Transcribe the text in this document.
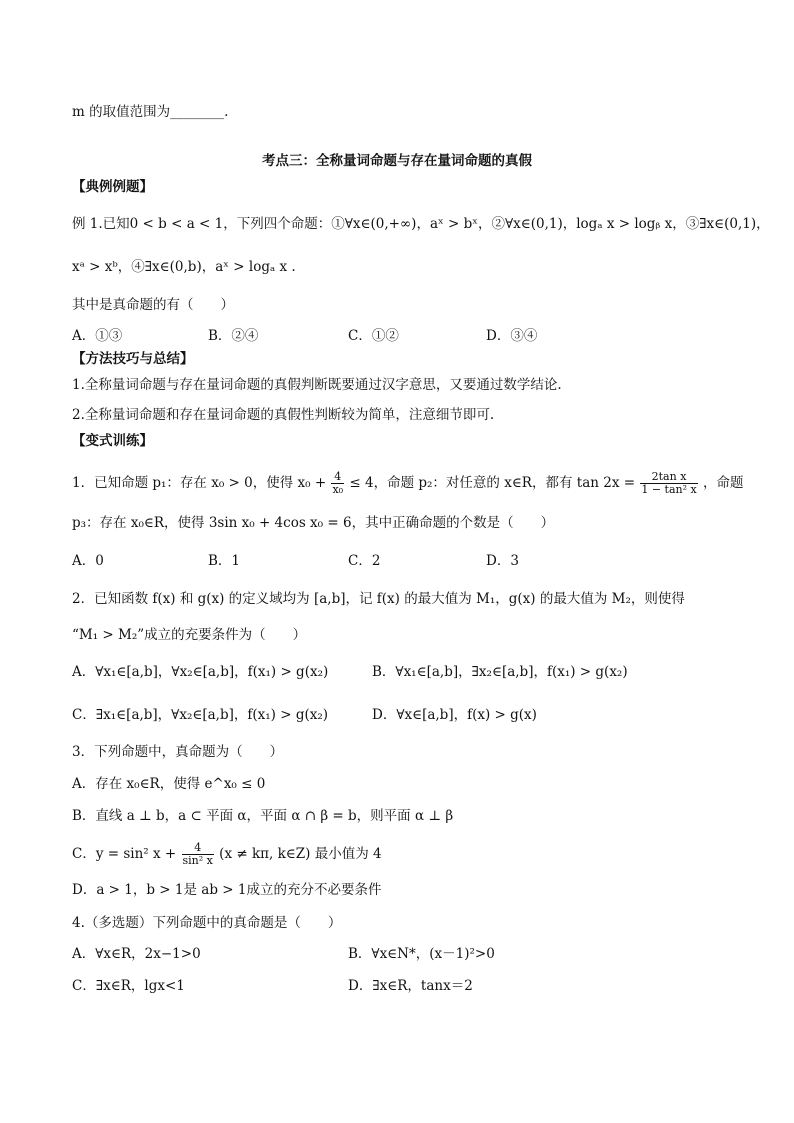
m 的取值范围为________.
考点三：全称量词命题与存在量词命题的真假
【典例例题】
例 1.已知0 < b < a < 1，下列四个命题：①∀x∈(0,+∞)，aˣ > bˣ，②∀x∈(0,1)，logₐ x > logᵦ x，③∃x∈(0,1)，
xᵃ > xᵇ，④∃x∈(0,b)，aˣ > logₐ x .
其中是真命题的有（　　）
A．①③	B．②④	C．①②	D．③④
【方法技巧与总结】
1.全称量词命题与存在量词命题的真假判断既要通过汉字意思，又要通过数学结论.
2.全称量词命题和存在量词命题的真假性判断较为简单，注意细节即可.
【变式训练】
1．已知命题 p₁：存在 x₀ > 0，使得 $x_0 + \frac{4}{\text{x₀}} \le 4$，命题 p₂：对任意的 x∈R，都有 $\tan 2x = \frac{\text{2tan x}}{\text{1 − tan² x}}$ ，命题
p₃：存在 x₀∈R，使得 3sin x₀ + 4cos x₀ = 6，其中正确命题的个数是（　　）
A．0	B．1	C．2	D．3
2．已知函数 f(x) 和 g(x) 的定义域均为 [a,b]，记 f(x) 的最大值为 M₁，g(x) 的最大值为 M₂，则使得
“M₁ > M₂”成立的充要条件为（　　）
A．∀x₁∈[a,b]，∀x₂∈[a,b]，f(x₁) > g(x₂)	B．∀x₁∈[a,b]，∃x₂∈[a,b]，f(x₁) > g(x₂)
C．∃x₁∈[a,b]，∀x₂∈[a,b]，f(x₁) > g(x₂)	D．∀x∈[a,b]，f(x) > g(x)
3．下列命题中，真命题为（　　）
A．存在 x₀∈R，使得 e^x₀ ≤ 0
B．直线 a ⊥ b，a ⊂ 平面 α，平面 α ∩ β = b，则平面 α ⊥ β
C．y = sin² $x + \frac{4}{\text{sin² x}} (x \ne k\pi$, k∈Z) 最小值为 4
D．a > 1，b > 1是 ab > 1成立的充分不必要条件
4.（多选题）下列命题中的真命题是（　　）
A．∀x∈R，2x−1>0	B．∀x∈N*，(x－1)²>0
C．∃x∈R，lgx<1	D．∃x∈R，tanx＝2
